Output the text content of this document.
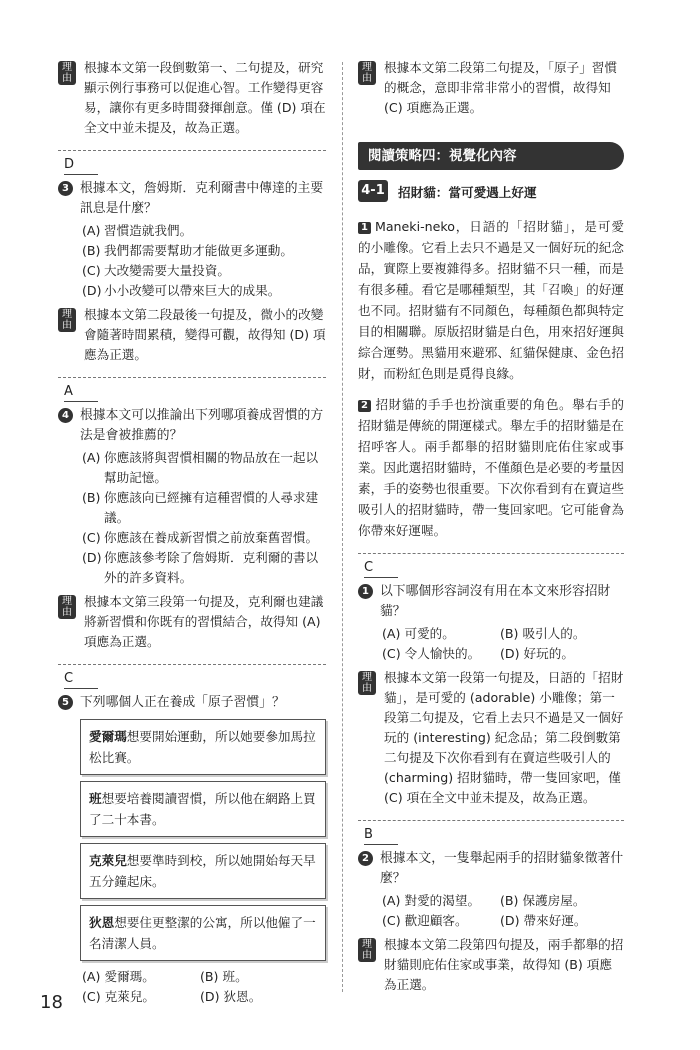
理由
根據本文第一段倒數第一、二句提及，研究顯示例行事務可以促進心智。工作變得更容易，讓你有更多時間發揮創意。僅 (D) 項在全文中並未提及，故為正選。
D
3 根據本文，詹姆斯．克利爾書中傳達的主要訊息是什麼？
(A) 習慣造就我們。
(B) 我們都需要幫助才能做更多運動。
(C) 大改變需要大量投資。
(D) 小小改變可以帶來巨大的成果。
理由
根據本文第二段最後一句提及，微小的改變會隨著時間累積，變得可觀，故得知 (D) 項應為正選。
A
4 根據本文可以推論出下列哪項養成習慣的方法是會被推薦的？
(A) 你應該將與習慣相關的物品放在一起以幫助記憶。
(B) 你應該向已經擁有這種習慣的人尋求建議。
(C) 你應該在養成新習慣之前放棄舊習慣。
(D) 你應該參考除了詹姆斯．克利爾的書以外的許多資料。
理由
根據本文第三段第一句提及，克利爾也建議將新習慣和你既有的習慣結合，故得知 (A) 項應為正選。
C
5 下列哪個人正在養成「原子習慣」？
愛爾瑪想要開始運動，所以她要參加馬拉松比賽。
班想要培養閱讀習慣，所以他在網路上買了二十本書。
克萊兒想要準時到校，所以她開始每天早五分鐘起床。
狄恩想要住更整潔的公寓，所以他僱了一名清潔人員。
(A) 愛爾瑪。	(B) 班。
(C) 克萊兒。	(D) 狄恩。
理由
根據本文第二段第二句提及，「原子」習慣的概念，意即非常非常小的習慣，故得知 (C) 項應為正選。
閱讀策略四：視覺化內容
4-1 招財貓：當可愛遇上好運
1 Maneki-neko，日語的「招財貓」，是可愛的小雕像。它看上去只不過是又一個好玩的紀念品，實際上要複雜得多。招財貓不只一種，而是有很多種。看它是哪種類型，其「召喚」的好運也不同。招財貓有不同顏色，每種顏色都與特定目的相關聯。原版招財貓是白色，用來招好運與綜合運勢。黑貓用來避邪、紅貓保健康、金色招財，而粉紅色則是覓得良緣。
2 招財貓的手手也扮演重要的角色。舉右手的招財貓是傳統的開運樣式。舉左手的招財貓是在招呼客人。兩手都舉的招財貓則庇佑住家或事業。因此選招財貓時，不僅顏色是必要的考量因素，手的姿勢也很重要。下次你看到有在賣這些吸引人的招財貓時，帶一隻回家吧。它可能會為你帶來好運喔。
C
1 以下哪個形容詞沒有用在本文來形容招財貓？
(A) 可愛的。	(B) 吸引人的。
(C) 令人愉快的。	(D) 好玩的。
理由
根據本文第一段第一句提及，日語的「招財貓」，是可愛的 (adorable) 小雕像；第一段第二句提及，它看上去只不過是又一個好玩的 (interesting) 紀念品；第二段倒數第二句提及下次你看到有在賣這些吸引人的 (charming) 招財貓時，帶一隻回家吧，僅 (C) 項在全文中並未提及，故為正選。
B
2 根據本文，一隻舉起兩手的招財貓象徵著什麼？
(A) 對愛的渴望。	(B) 保護房屋。
(C) 歡迎顧客。	(D) 帶來好運。
理由
根據本文第二段第四句提及，兩手都舉的招財貓則庇佑住家或事業，故得知 (B) 項應為正選。
18
